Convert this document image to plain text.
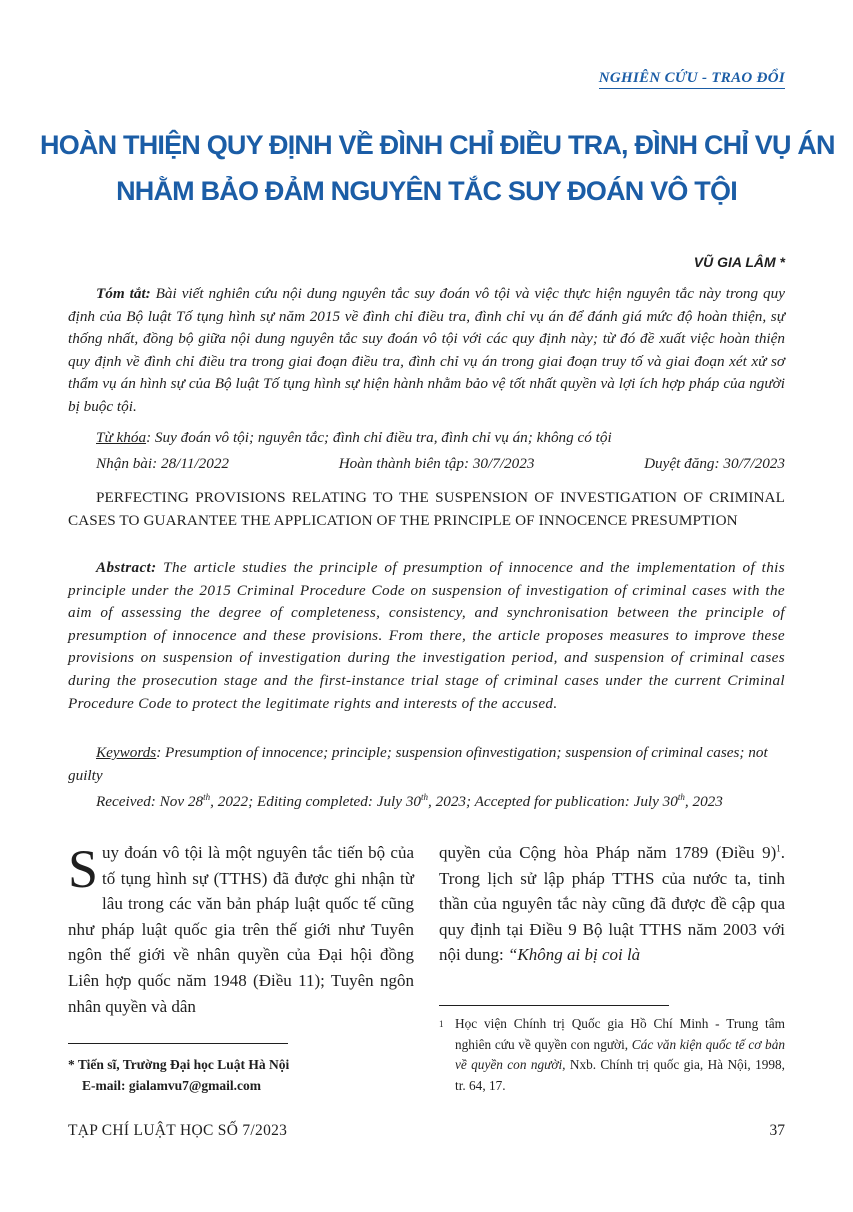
NGHIÊN CỨU - TRAO ĐỔI
HOÀN THIỆN QUY ĐỊNH VỀ ĐÌNH CHỈ ĐIỀU TRA, ĐÌNH CHỈ VỤ ÁN
NHẰM BẢO ĐẢM NGUYÊN TẮC SUY ĐOÁN VÔ TỘI
VŨ GIA LÂM *
Tóm tắt: Bài viết nghiên cứu nội dung nguyên tắc suy đoán vô tội và việc thực hiện nguyên tắc này trong quy định của Bộ luật Tố tụng hình sự năm 2015 về đình chỉ điều tra, đình chỉ vụ án để đánh giá mức độ hoàn thiện, sự thống nhất, đồng bộ giữa nội dung nguyên tắc suy đoán vô tội với các quy định này; từ đó đề xuất việc hoàn thiện quy định về đình chỉ điều tra trong giai đoạn điều tra, đình chỉ vụ án trong giai đoạn truy tố và giai đoạn xét xử sơ thẩm vụ án hình sự của Bộ luật Tố tụng hình sự hiện hành nhằm bảo vệ tốt nhất quyền và lợi ích hợp pháp của người bị buộc tội.
Từ khóa: Suy đoán vô tội; nguyên tắc; đình chỉ điều tra, đình chỉ vụ án; không có tội
Nhận bài: 28/11/2022	Hoàn thành biên tập: 30/7/2023	Duyệt đăng: 30/7/2023
PERFECTING PROVISIONS RELATING TO THE SUSPENSION OF INVESTIGATION OF CRIMINAL CASES TO GUARANTEE THE APPLICATION OF THE PRINCIPLE OF INNOCENCE PRESUMPTION
Abstract: The article studies the principle of presumption of innocence and the implementation of this principle under the 2015 Criminal Procedure Code on suspension of investigation of criminal cases with the aim of assessing the degree of completeness, consistency, and synchronisation between the principle of presumption of innocence and these provisions. From there, the article proposes measures to improve these provisions on suspension of investigation during the investigation period, and suspension of criminal cases during the prosecution stage and the first-instance trial stage of criminal cases under the current Criminal Procedure Code to protect the legitimate rights and interests of the accused.
Keywords: Presumption of innocence; principle; suspension ofinvestigation; suspension of criminal cases; not guilty
Received: Nov 28th, 2022; Editing completed: July 30th, 2023; Accepted for publication: July 30th, 2023
Suy đoán vô tội là một nguyên tắc tiến bộ của tố tụng hình sự (TTHS) đã được ghi nhận từ lâu trong các văn bản pháp luật quốc tế cũng như pháp luật quốc gia trên thế giới như Tuyên ngôn thế giới về nhân quyền của Đại hội đồng Liên hợp quốc năm 1948 (Điều 11); Tuyên ngôn nhân quyền và dân
quyền của Cộng hòa Pháp năm 1789 (Điều 9)$^1$. Trong lịch sử lập pháp TTHS của nước ta, tinh thần của nguyên tắc này cũng đã được đề cập qua quy định tại Điều 9 Bộ luật TTHS năm 2003 với nội dung: “Không ai bị coi là
* Tiến sĩ, Trường Đại học Luật Hà Nội
E-mail: gialamvu7@gmail.com
1 Học viện Chính trị Quốc gia Hồ Chí Minh - Trung tâm nghiên cứu về quyền con người, Các văn kiện quốc tế cơ bản về quyền con người, Nxb. Chính trị quốc gia, Hà Nội, 1998, tr. 64, 17.
TẠP CHÍ LUẬT HỌC SỐ 7/2023	37
